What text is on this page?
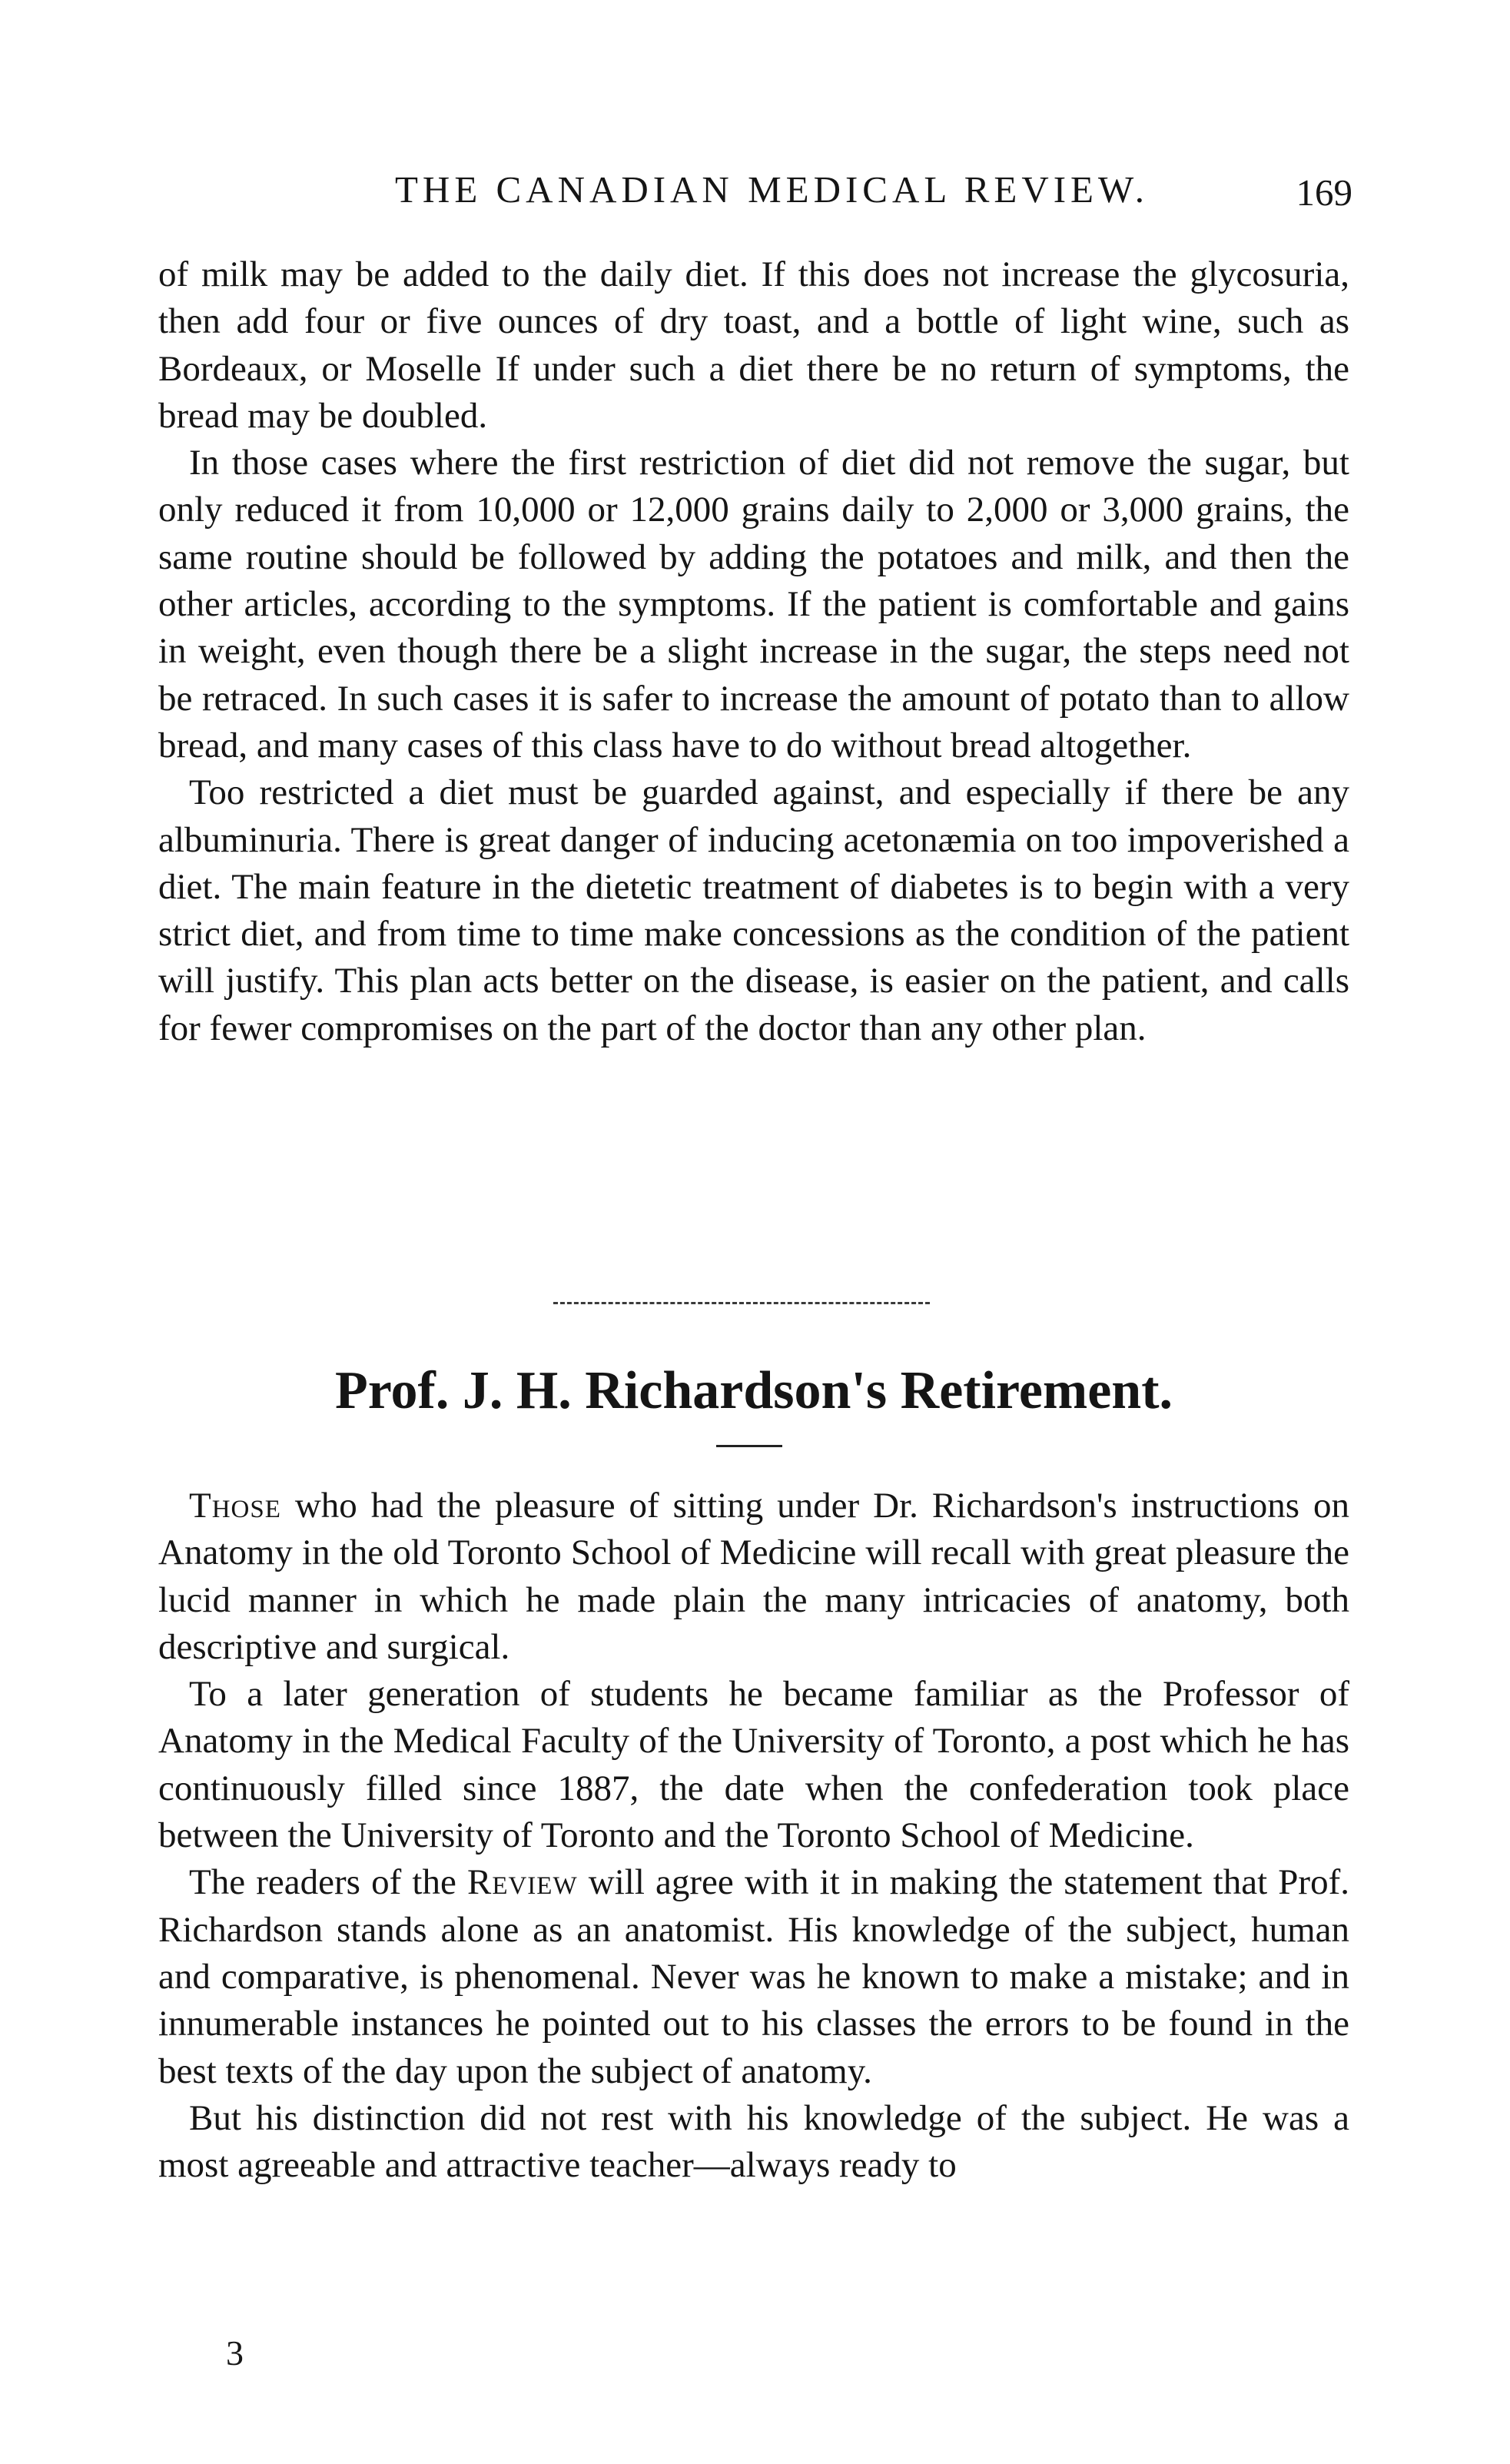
THE CANADIAN MEDICAL REVIEW.	169

of milk may be added to the daily diet. If this does not increase the glycosuria, then add four or five ounces of dry toast, and a bottle of light wine, such as Bordeaux, or Moselle If under such a diet there be no return of symptoms, the bread may be doubled.

In those cases where the first restriction of diet did not remove the sugar, but only reduced it from 10,000 or 12,000 grains daily to 2,000 or 3,000 grains, the same routine should be followed by adding the potatoes and milk, and then the other articles, according to the symptoms. If the patient is comfortable and gains in weight, even though there be a slight increase in the sugar, the steps need not be retraced. In such cases it is safer to increase the amount of potato than to allow bread, and many cases of this class have to do without bread altogether.

Too restricted a diet must be guarded against, and especially if there be any albuminuria. There is great danger of inducing acetonæmia on too impoverished a diet. The main feature in the dietetic treatment of diabetes is to begin with a very strict diet, and from time to time make concessions as the condition of the patient will justify. This plan acts better on the disease, is easier on the patient, and calls for fewer compromises on the part of the doctor than any other plan.

Prof. J. H. Richardson's Retirement.

Those who had the pleasure of sitting under Dr. Richardson's instructions on Anatomy in the old Toronto School of Medicine will recall with great pleasure the lucid manner in which he made plain the many intricacies of anatomy, both descriptive and surgical.

To a later generation of students he became familiar as the Professor of Anatomy in the Medical Faculty of the University of Toronto, a post which he has continuously filled since 1887, the date when the confederation took place between the University of Toronto and the Toronto School of Medicine.

The readers of the Review will agree with it in making the statement that Prof. Richardson stands alone as an anatomist. His knowledge of the subject, human and comparative, is phenomenal. Never was he known to make a mistake; and in innumerable instances he pointed out to his classes the errors to be found in the best texts of the day upon the subject of anatomy.

But his distinction did not rest with his knowledge of the subject. He was a most agreeable and attractive teacher—always ready to

3
